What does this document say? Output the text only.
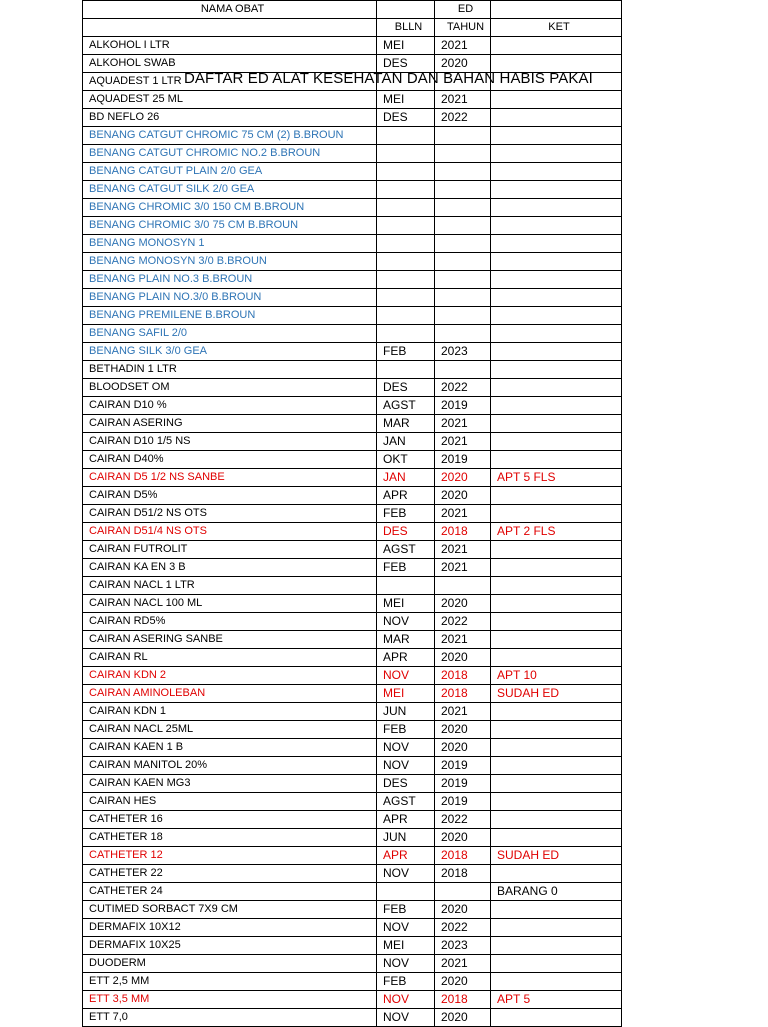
NAMA OBAT		ED	
	BLLN	TAHUN	KET
ALKOHOL I LTR	MEI	2021	
ALKOHOL SWAB	DES	2020	
AQUADEST 1 LTR			
AQUADEST 25 ML	MEI	2021	
BD NEFLO 26	DES	2022	
BENANG CATGUT CHROMIC 75 CM (2) B.BROUN			
BENANG CATGUT CHROMIC NO.2 B.BROUN			
BENANG CATGUT PLAIN 2/0 GEA			
BENANG CATGUT SILK 2/0 GEA			
BENANG CHROMIC 3/0 150 CM B.BROUN			
BENANG CHROMIC 3/0 75 CM B.BROUN			
BENANG MONOSYN 1			
BENANG MONOSYN 3/0 B.BROUN			
BENANG PLAIN NO.3 B.BROUN			
BENANG PLAIN NO.3/0 B.BROUN			
BENANG PREMILENE B.BROUN			
BENANG SAFIL 2/0			
BENANG SILK 3/0 GEA	FEB	2023	
BETHADIN 1 LTR			
BLOODSET OM	DES	2022	
CAIRAN D10 %	AGST	2019	
CAIRAN ASERING	MAR	2021	
CAIRAN D10 1/5 NS	JAN	2021	
CAIRAN D40%	OKT	2019	
CAIRAN D5 1/2 NS SANBE	JAN	2020	APT 5 FLS
CAIRAN D5%	APR	2020	
CAIRAN D51/2 NS OTS	FEB	2021	
CAIRAN D51/4 NS OTS	DES	2018	APT 2 FLS
CAIRAN FUTROLIT	AGST	2021	
CAIRAN KA EN 3 B	FEB	2021	
CAIRAN NACL 1 LTR			
CAIRAN NACL 100 ML	MEI	2020	
CAIRAN RD5%	NOV	2022	
CAIRAN ASERING SANBE	MAR	2021	
CAIRAN RL	APR	2020	
CAIRAN KDN 2	NOV	2018	APT 10
CAIRAN AMINOLEBAN	MEI	2018	SUDAH ED
CAIRAN KDN 1	JUN	2021	
CAIRAN NACL 25ML	FEB	2020	
CAIRAN KAEN 1 B	NOV	2020	
CAIRAN MANITOL 20%	NOV	2019	
CAIRAN KAEN MG3	DES	2019	
CAIRAN HES	AGST	2019	
CATHETER 16	APR	2022	
CATHETER 18	JUN	2020	
CATHETER 12	APR	2018	SUDAH ED
CATHETER 22	NOV	2018	
CATHETER 24			BARANG 0
CUTIMED SORBACT 7X9 CM	FEB	2020	
DERMAFIX 10X12	NOV	2022	
DERMAFIX 10X25	MEI	2023	
DUODERM	NOV	2021	
ETT 2,5 MM	FEB	2020	
ETT 3,5 MM	NOV	2018	APT 5
ETT 7,0	NOV	2020	
DAFTAR ED ALAT KESEHATAN DAN BAHAN HABIS PAKAI
